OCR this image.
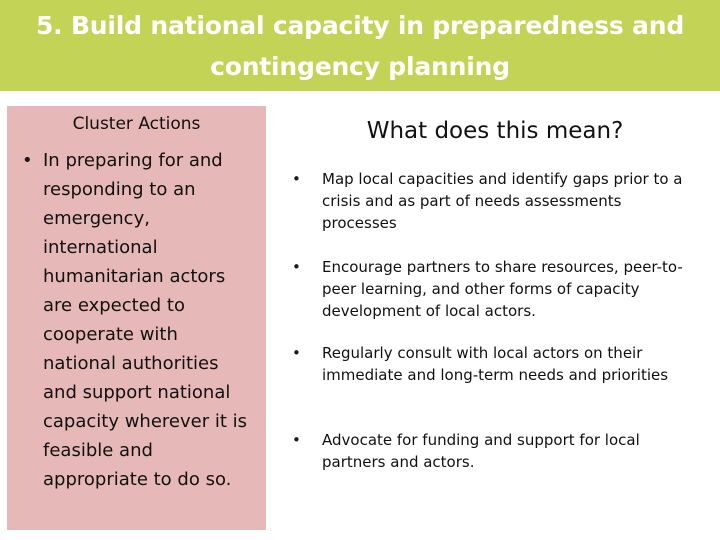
5. Build national capacity in preparedness and
contingency planning
Cluster Actions
• In preparing for and responding to an emergency, international humanitarian actors are expected to cooperate with national authorities and support national capacity wherever it is feasible and appropriate to do so.
What does this mean?
• Map local capacities and identify gaps prior to a crisis and as part of needs assessments processes
• Encourage partners to share resources, peer-to-peer learning, and other forms of capacity development of local actors.
• Regularly consult with local actors on their immediate and long-term needs and priorities
• Advocate for funding and support for local partners and actors.
